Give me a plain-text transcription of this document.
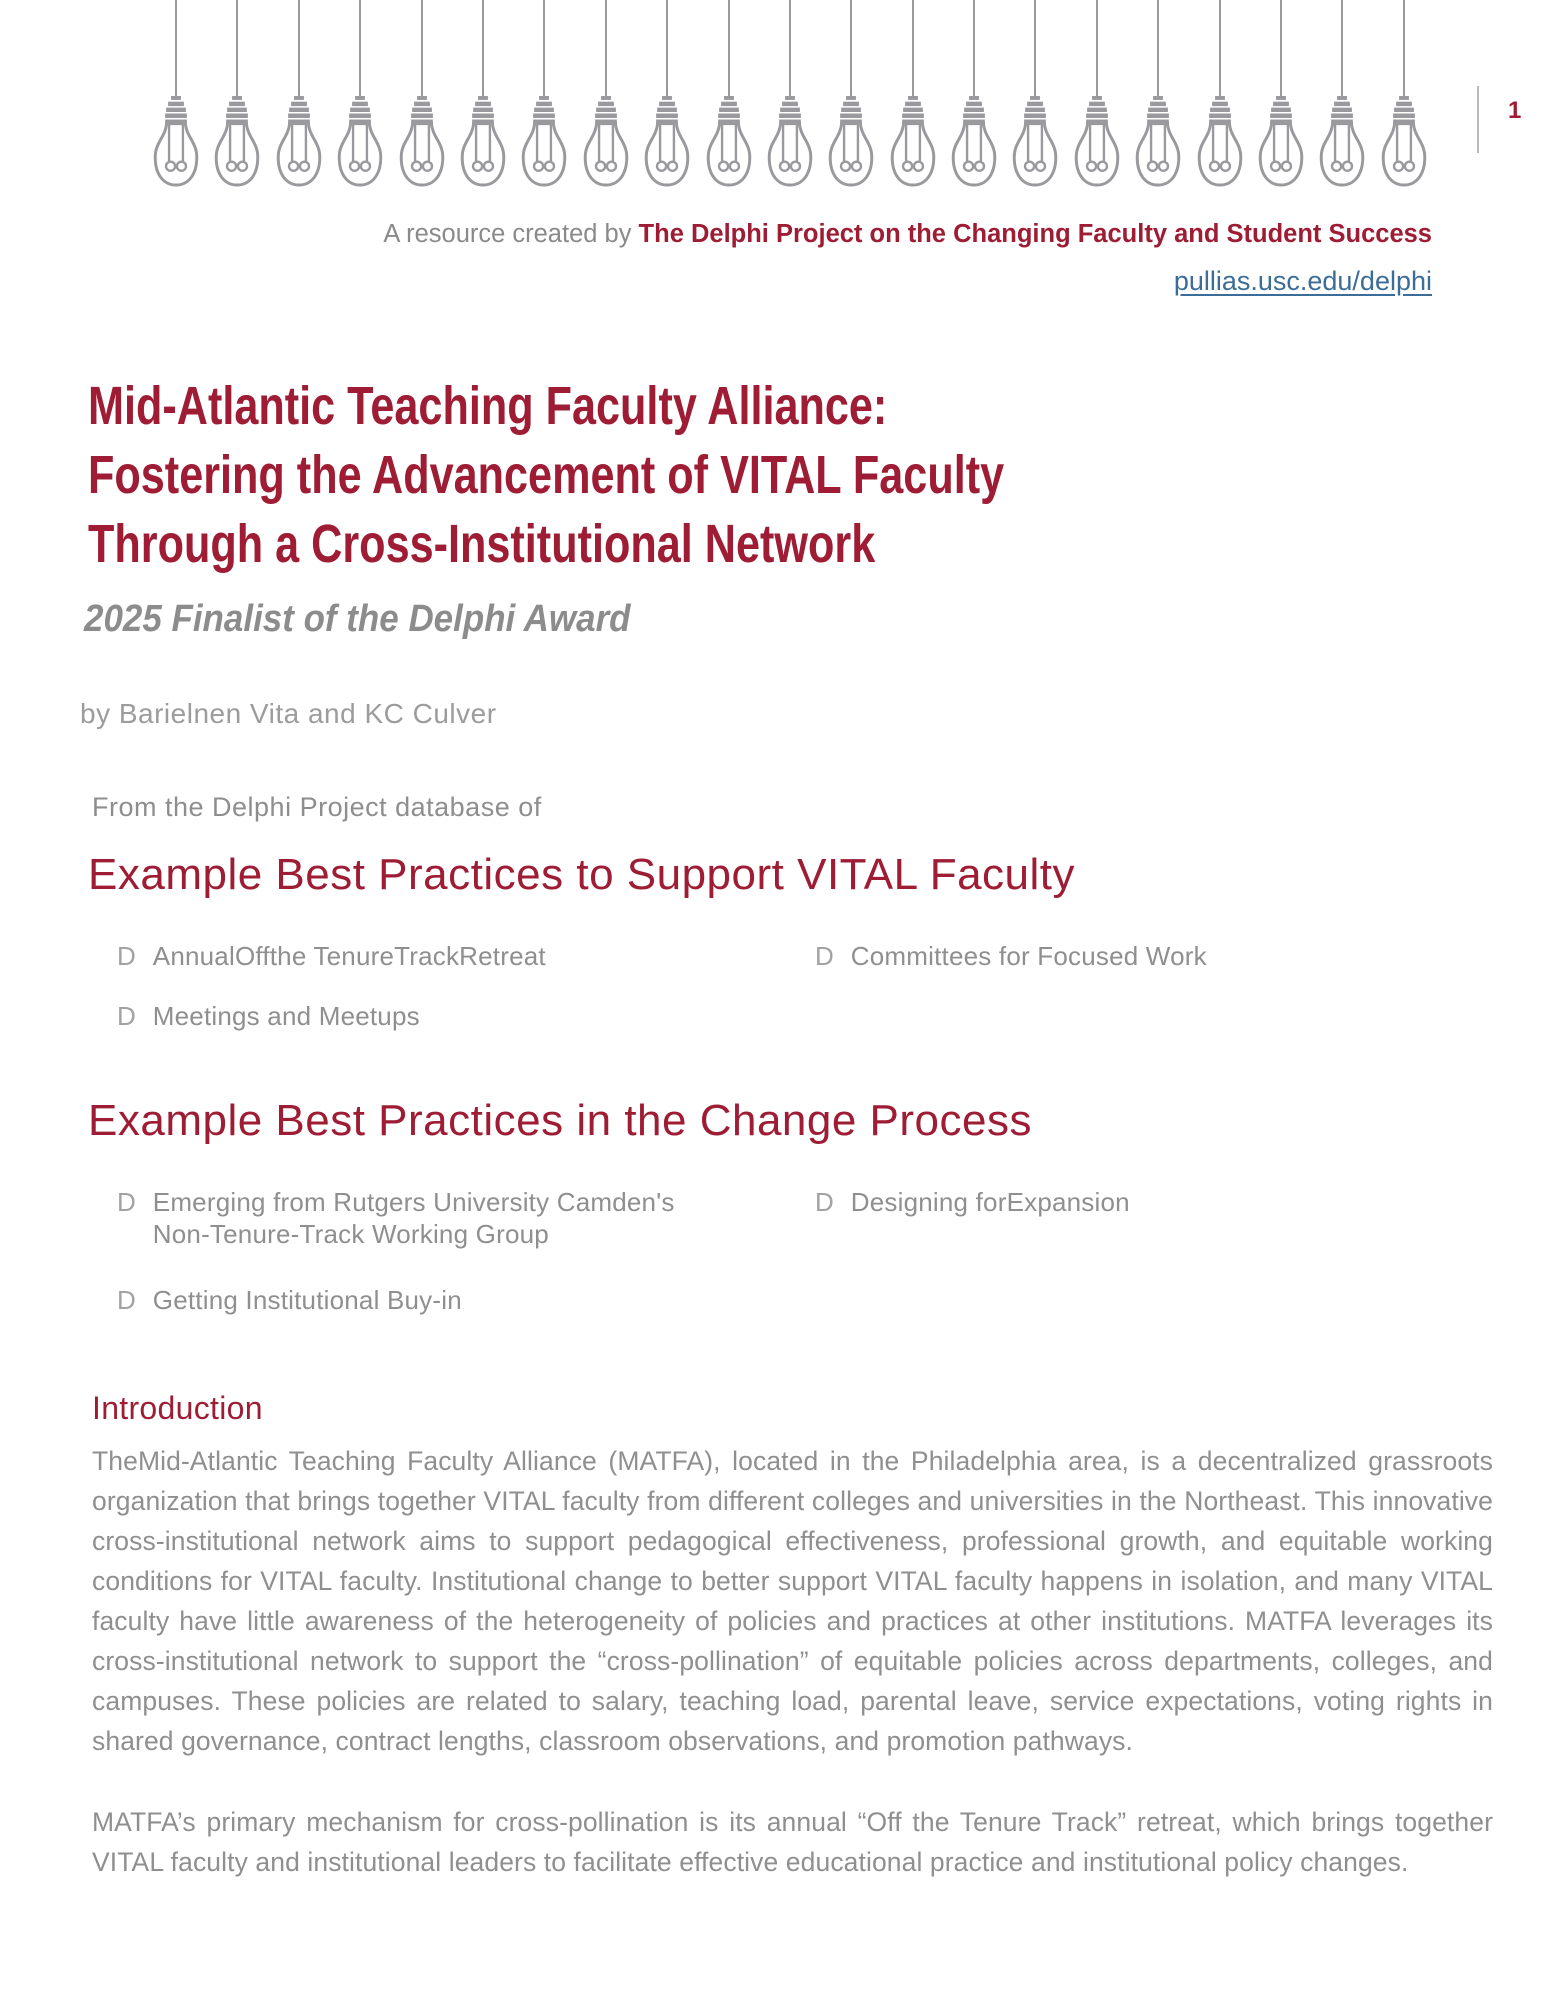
1
A resource created by The Delphi Project on the Changing Faculty and Student Success
pullias.usc.edu/delphi
Mid-Atlantic Teaching Faculty Alliance:
Fostering the Advancement of VITAL Faculty
Through a Cross-Institutional Network
2025 Finalist of the Delphi Award
by Barielnen Vita and KC Culver
From the Delphi Project database of
Example Best Practices to Support VITAL Faculty
D AnnualOffthe TenureTrackRetreat
D Meetings and Meetups
D Committees for Focused Work
Example Best Practices in the Change Process
D Emerging from Rutgers University Camden's Non-Tenure-Track Working Group
D Getting Institutional Buy-in
D Designing forExpansion
Introduction

TheMid-Atlantic Teaching Faculty Alliance (MATFA), located in the Philadelphia area, is a decentralized grassroots organization that brings together VITAL faculty from different colleges and universities in the Northeast. This innovative cross-institutional network aims to support pedagogical effectiveness, professional growth, and equitable working conditions for VITAL faculty. Institutional change to better support VITAL faculty happens in isolation, and many VITAL faculty have little awareness of the heterogeneity of policies and practices at other institutions. MATFA leverages its cross-institutional network to support the “cross-pollination” of equitable policies across departments, colleges, and campuses. These policies are related to salary, teaching load, parental leave, service expectations, voting rights in shared governance, contract lengths, classroom observations, and promotion pathways.

MATFA’s primary mechanism for cross-pollination is its annual “Off the Tenure Track” retreat, which brings together VITAL faculty and institutional leaders to facilitate effective educational practice and institutional policy changes.
